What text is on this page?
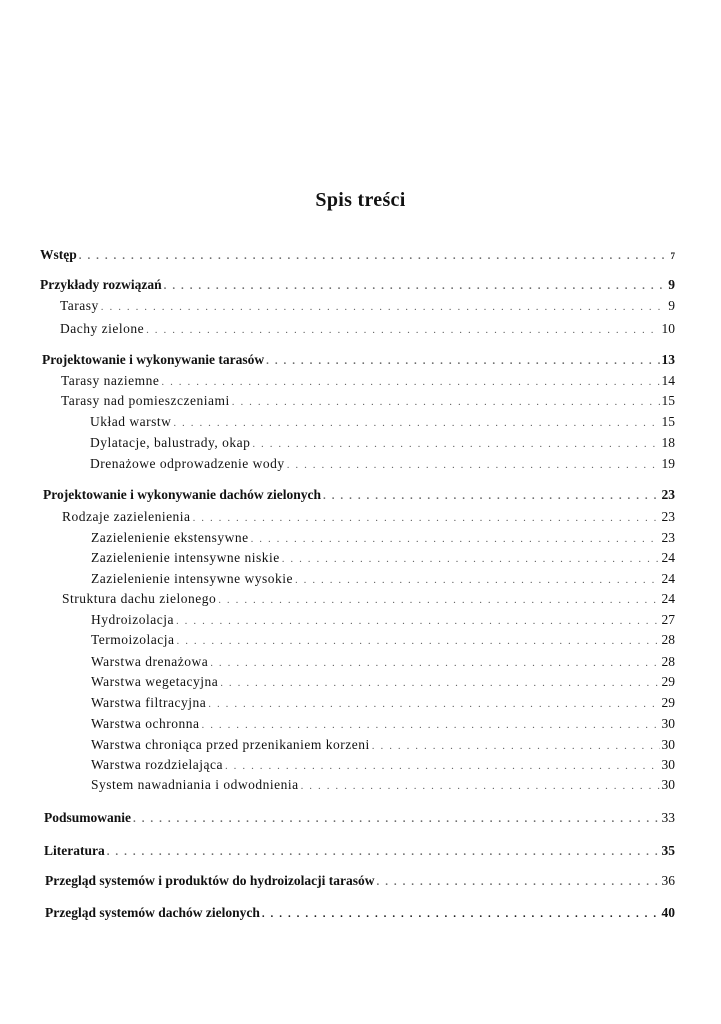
Spis treści
Wstęp . . .	7
Przykłady rozwiązań . . .	9
Tarasy . . .	9
Dachy zielone . . .	10
Projektowanie i wykonywanie tarasów . . .	13
Tarasy naziemne . . .	14
Tarasy nad pomieszczeniami . . .	15
Układ warstw . . .	15
Dylatacje, balustrady, okap . . .	18
Drenażowe odprowadzenie wody . . .	19
Projektowanie i wykonywanie dachów zielonych . . .	23
Rodzaje zazielenienia . . .	23
Zazielenienie ekstensywne . . .	23
Zazielenienie intensywne niskie . . .	24
Zazielenienie intensywne wysokie . . .	24
Struktura dachu zielonego . . .	24
Hydroizolacja . . .	27
Termoizolacja . . .	28
Warstwa drenażowa . . .	28
Warstwa wegetacyjna . . .	29
Warstwa filtracyjna . . .	29
Warstwa ochronna . . .	30
Warstwa chroniąca przed przenikaniem korzeni . . .	30
Warstwa rozdzielająca . . .	30
System nawadniania i odwodnienia . . .	30
Podsumowanie . . .	33
Literatura . . .	35
Przegląd systemów i produktów do hydroizolacji tarasów . . .	36
Przegląd systemów dachów zielonych . . .	40
